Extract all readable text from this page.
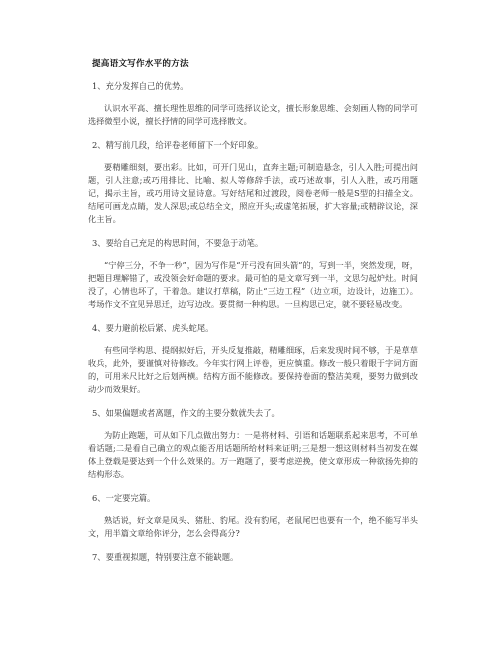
提高语文写作水平的方法
1、充分发挥自己的优势。

认识水平高、擅长理性思维的同学可选择议论文，擅长形象思维、会刻画人物的同学可选择微型小说，擅长抒情的同学可选择散文。

2、精写前几段，给评卷老师留下一个好印象。

要精雕细刻，要出彩。比如，可开门见山，直奔主题;可制造悬念，引人入胜;可提出问题，引人注意;或巧用排比、比喻、拟人等修辞手法，或巧述故事，引人入胜，或巧用题记，揭示主旨，或巧用诗文显诗意。写好结尾和过渡段，阅卷老师一般是S型的扫描全文。结尾可画龙点睛，发人深思;或总结全文，照应开头;或虚笔拓展，扩大容量;或精辟议论，深化主旨。

3、要给自己充足的构思时间，不要急于动笔。

“宁停三分，不争一秒”，因为写作是“开弓没有回头箭”的，写到一半，突然发现，呀，把题目理解错了，或没领会好命题的要求。最可怕的是文章写到一半，文思匀起炉灶。时间没了，心情也坏了，干着急。建议打草稿，防止“三边工程”（边立项，边设计，边施工）。考场作文不宜见异思迁，边写边改。要贯彻一种构思。一旦构思已定，就不要轻易改变。

4、要力避前松后紧、虎头蛇尾。

有些同学构思、提纲拟好后，开头反复推敲，精雕细琢，后来发现时间不够，于是草草收兵，此外，要谨慎对待修改。今年实行网上评卷，更应慎重。修改一般只着眼于字词方面的，可用米尺比好之后划两横。结构方面不能修改。要保持卷面的整洁美观，要努力做到改动少而效果好。

5、如果偏题或者离题，作文的主要分数就失去了。

为防止跑题，可从如下几点做出努力：一是将材料、引语和话题联系起来思考，不可单看话题;二是看自己确立的观点能否用话题所给材料来证明;三是想一想这则材料当初发在媒体上登载是要达到一个什么效果的。万一跑题了，要考虑逆挽，使文章形成一种欲扬先抑的结构形态。

6、一定要完篇。

熟话说，好文章是凤头、猪肚、豹尾。没有豹尾，老鼠尾巴也要有一个，绝不能写半头文，用半篇文章给你评分，怎么会得高分?

7、要重视拟题，特别要注意不能缺题。
